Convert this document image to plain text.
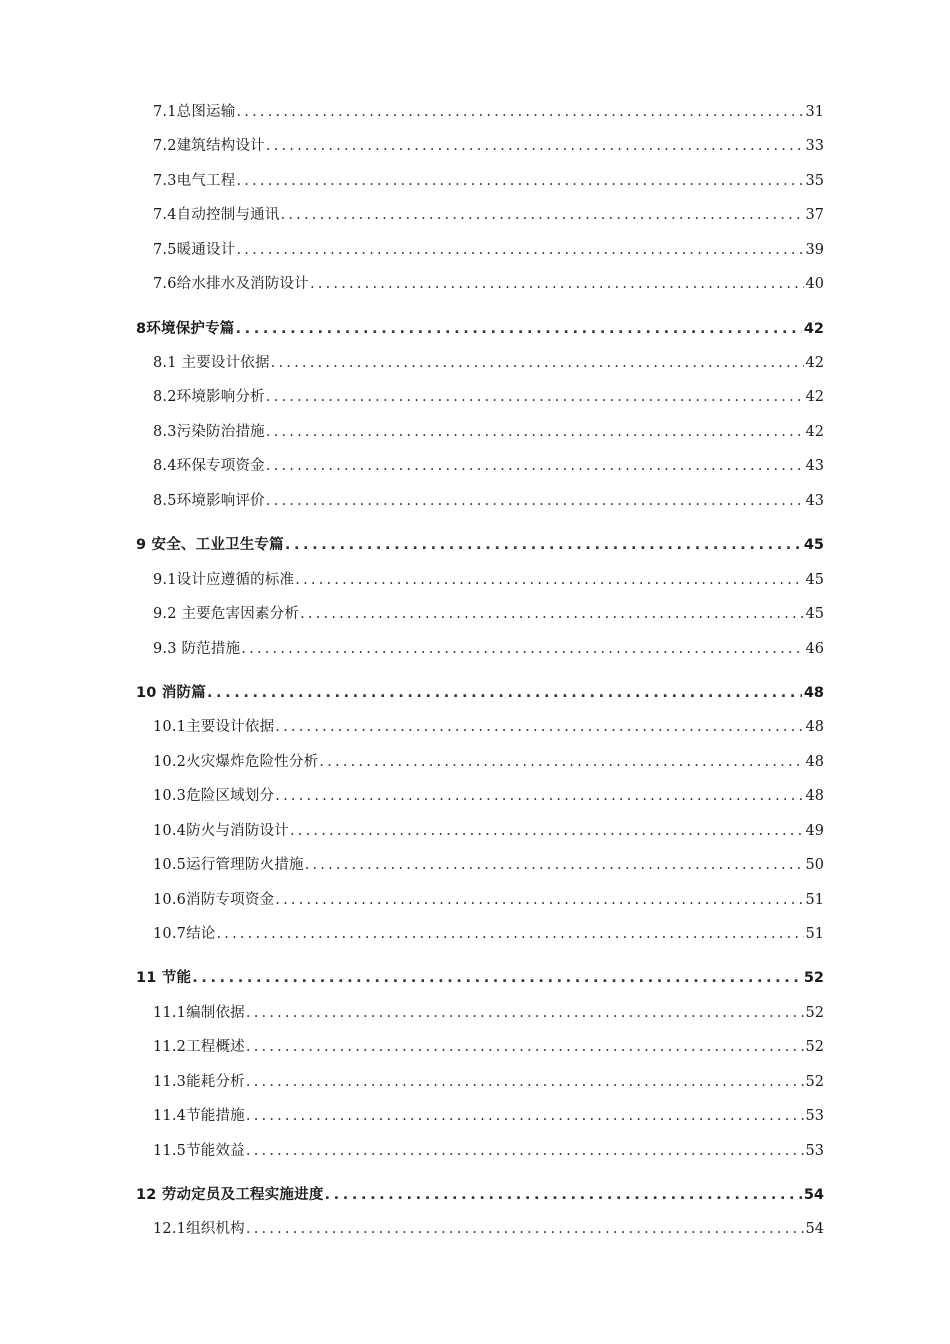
7.1总图运输 .....	31
7.2建筑结构设计 .....	33
7.3电气工程 .....	35
7.4自动控制与通讯 .....	37
7.5暖通设计 .....	39
7.6给水排水及消防设计 .....	40
8环境保护专篇 .....	42
8.1 主要设计依据 .....	42
8.2环境影响分析 .....	42
8.3污染防治措施 .....	42
8.4环保专项资金 .....	43
8.5环境影响评价 .....	43
9 安全、工业卫生专篇 .....	45
9.1设计应遵循的标准 .....	45
9.2 主要危害因素分析 .....	45
9.3 防范措施 .....	46
10 消防篇 .....	48
10.1主要设计依据 .....	48
10.2火灾爆炸危险性分析 .....	48
10.3危险区域划分 .....	48
10.4防火与消防设计 .....	49
10.5运行管理防火措施 .....	50
10.6消防专项资金 .....	51
10.7结论 .....	51
11 节能 .....	52
11.1编制依据 .....	52
11.2工程概述 .....	52
11.3能耗分析 .....	52
11.4节能措施 .....	53
11.5节能效益 .....	53
12 劳动定员及工程实施进度 .....	54
12.1组织机构 .....	54
